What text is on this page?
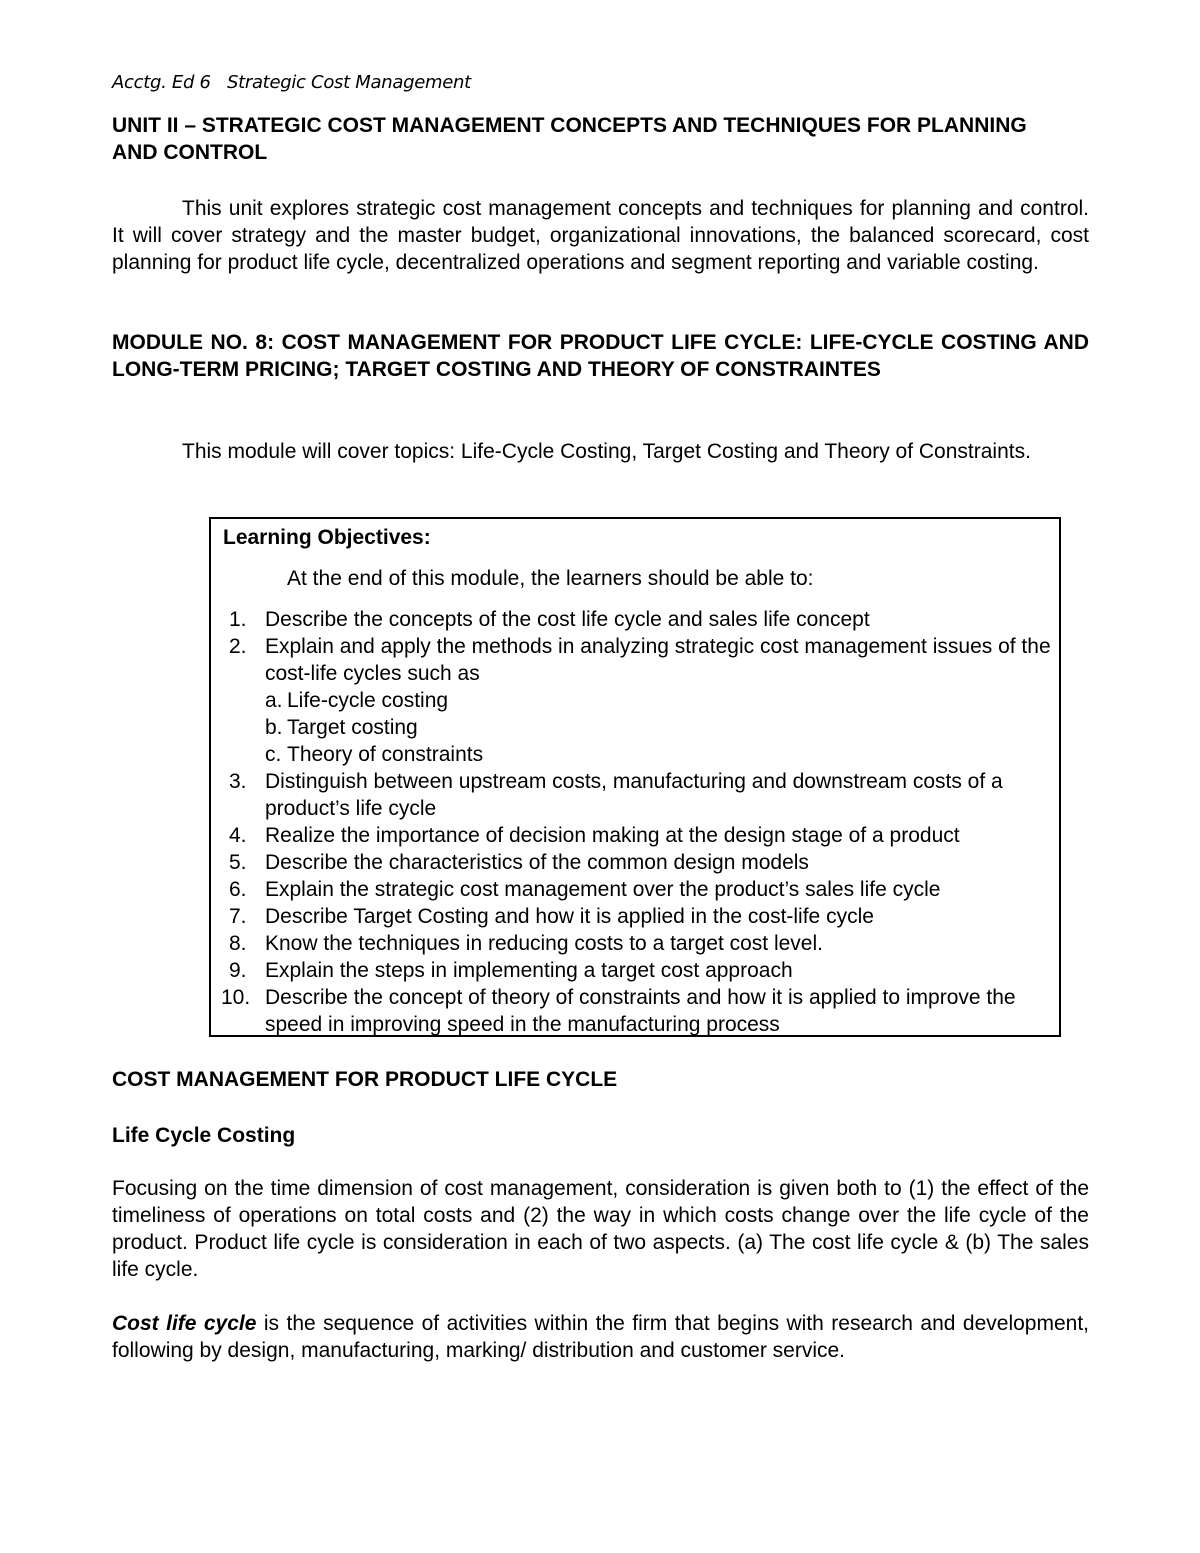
Acctg. Ed 6   Strategic Cost Management
UNIT II – STRATEGIC COST MANAGEMENT CONCEPTS AND TECHNIQUES FOR PLANNING AND CONTROL
This unit explores strategic cost management concepts and techniques for planning and control. It will cover strategy and the master budget, organizational innovations, the balanced scorecard, cost planning for product life cycle, decentralized operations and segment reporting and variable costing.
MODULE NO. 8: COST MANAGEMENT FOR PRODUCT LIFE CYCLE: LIFE-CYCLE COSTING AND LONG-TERM PRICING; TARGET COSTING AND THEORY OF CONSTRAINTES
This module will cover topics: Life-Cycle Costing, Target Costing and Theory of Constraints.
Learning Objectives:
At the end of this module, the learners should be able to:
1. Describe the concepts of the cost life cycle and sales life concept
2. Explain and apply the methods in analyzing strategic cost management issues of the cost-life cycles such as
a. Life-cycle costing
b. Target costing
c. Theory of constraints
3. Distinguish between upstream costs, manufacturing and downstream costs of a product’s life cycle
4. Realize the importance of decision making at the design stage of a product
5. Describe the characteristics of the common design models
6. Explain the strategic cost management over the product’s sales life cycle
7. Describe Target Costing and how it is applied in the cost-life cycle
8. Know the techniques in reducing costs to a target cost level.
9. Explain the steps in implementing a target cost approach
10. Describe the concept of theory of constraints and how it is applied to improve the speed in improving speed in the manufacturing process
COST MANAGEMENT FOR PRODUCT LIFE CYCLE
Life Cycle Costing
Focusing on the time dimension of cost management, consideration is given both to (1) the effect of the timeliness of operations on total costs and (2) the way in which costs change over the life cycle of the product. Product life cycle is consideration in each of two aspects. (a) The cost life cycle & (b) The sales life cycle.
Cost life cycle is the sequence of activities within the firm that begins with research and development, following by design, manufacturing, marking/ distribution and customer service.
